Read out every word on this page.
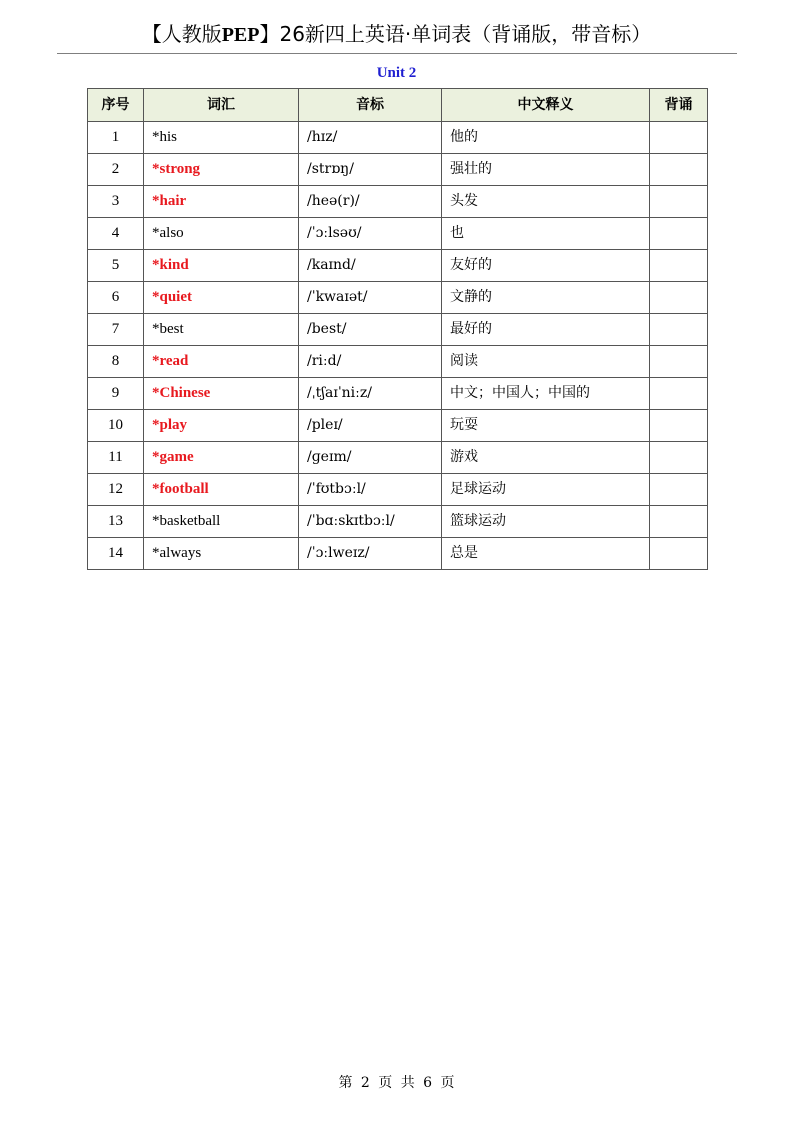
【人教版PEP】26新四上英语·单词表（背诵版，带音标）
Unit 2
序号	词汇	音标	中文释义	背诵
1	*his	/hɪz/	他的	
2	*strong	/strɒŋ/	强壮的	
3	*hair	/heə(r)/	头发	
4	*also	/ˈɔːlsəʊ/	也	
5	*kind	/kaɪnd/	友好的	
6	*quiet	/ˈkwaɪət/	文静的	
7	*best	/best/	最好的	
8	*read	/riːd/	阅读	
9	*Chinese	/ˌtʃaɪˈniːz/	中文；中国人；中国的	
10	*play	/pleɪ/	玩耍	
11	*game	/ɡeɪm/	游戏	
12	*football	/ˈfʊtbɔːl/	足球运动	
13	*basketball	/ˈbɑːskɪtbɔːl/	篮球运动	
14	*always	/ˈɔːlweɪz/	总是	
第 2 页 共 6 页
